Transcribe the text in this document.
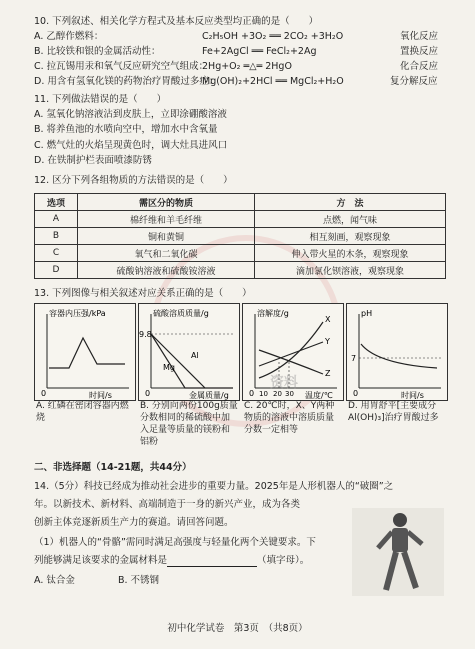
10. 下列叙述、相关化学方程式及基本反应类型均正确的是（　　）
A. 乙醇作燃料：	C₂H₅OH +3O₂ ══ 2CO₂ +3H₂O	氧化反应
B. 比较铁和银的金属活动性：	Fe+2AgCl ══ FeCl₂+2Ag	置换反应
C. 拉瓦锡用汞和氧气反应研究空气组成：
2Hg+O₂ ═△═ 2HgO	化合反应
D. 用含有氢氧化镁的药物治疗胃酸过多症：
Mg(OH)₂+2HCl ══ MgCl₂+H₂O	复分解反应
11. 下列做法错误的是（　　）
A. 氢氧化钠溶液沾到皮肤上，立即涂硼酸溶液
B. 将养鱼池的水喷向空中，增加水中含氧量
C. 燃气灶的火焰呈现黄色时，调大灶具进风口
D. 在铁制护栏表面喷漆防锈
12. 区分下列各组物质的方法错误的是（　　）
选项	需区分的物质	方　法
A	棉纤维和羊毛纤维	点燃，闻气味
B	铜和黄铜	相互刻画，观察现象
C	氧气和二氧化碳	伸入带火星的木条，观察现象
D	硫酸钠溶液和硫酸铵溶液	滴加氯化钡溶液，观察现象
13. 下列图像与相关叙述对应关系正确的是（　　）
容器内压强/kPa
0	时间/s
硫酸溶质质量/g
9.8
Al
Mg
0	金属质量/g
溶解度/g
X
Y
Z
0 10 20 30 温度/℃
pH
7
0	时间/s
A. 红磷在密闭容器内燃烧
B. 分别向两份100g质量分数相同的稀硫酸中加入足量等质量的镁粉和铝粉
C. 20℃时，X、Y两种物质的溶液中溶质质量分数一定相等
D. 用胃舒平[主要成分Al(OH)₃]治疗胃酸过多
资料
二、非选择题（14-21题，共44分）
14.（5分）科技已经成为推动社会进步的重要力量。2025年是人形机器人的“破圈”之
年。以新技术、新材料、高端制造于一身的新兴产业，成为各类
创新主体竞逐新质生产力的赛道。请回答问题。
（1）机器人的“骨骼”需同时满足高强度与轻量化两个关键要求。下
列能够满足该要求的金属材料是	（填字母）。
A. 钛合金	B. 不锈钢
初中化学试卷　第3页　（共8页）
